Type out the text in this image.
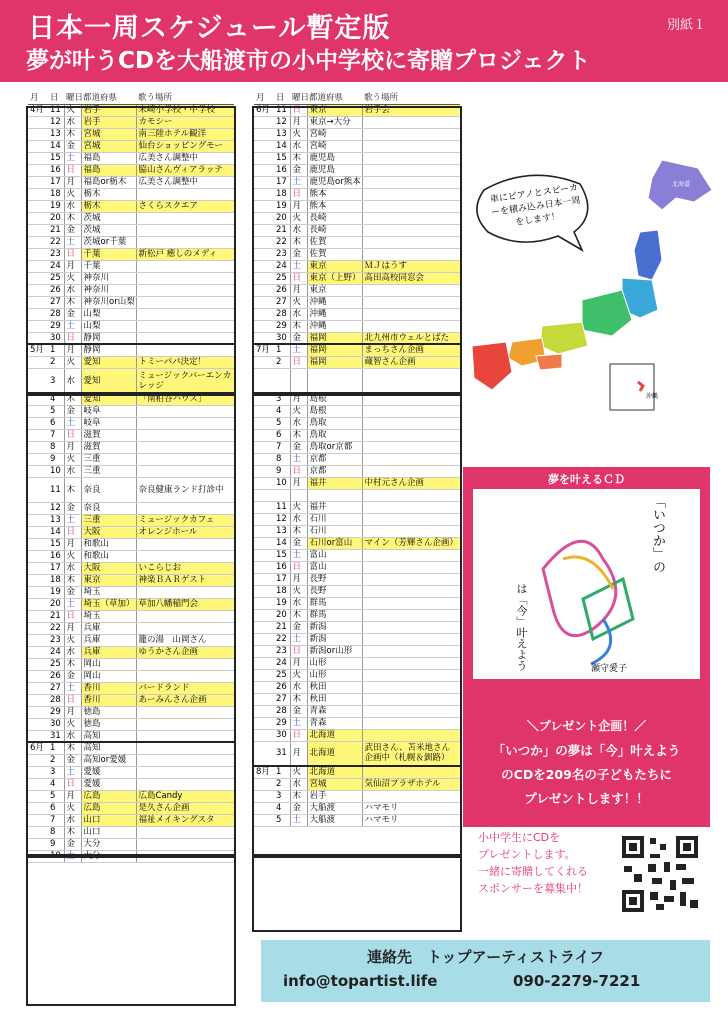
日本一周スケジュール暫定版
夢が叶うCDを大船渡市の小中学校に寄贈プロジェクト
別紙１
月	日	曜日	都道府県	歌う場所
4月	11	火	岩手	末崎小学校・中学校
	12	水	岩手	カモシー
	13	木	宮城	南三陸ホテル観洋
	14	金	宮城	仙台ショッピングモー
	15	土	福島	広美さん調整中
	16	日	福島	脇山さんヴィアラッテ
	17	月	福島or栃木	広美さん調整中
	18	火	栃木	
	19	水	栃木	さくらスクエア
	20	木	茨城	
	21	金	茨城	
	22	土	茨城or千葉	
	23	日	千葉	新松戸 癒しのメディ
	24	月	千葉	
	25	火	神奈川	
	26	水	神奈川	
	27	木	神奈川or山梨	
	28	金	山梨	
	29	土	山梨	
	30	日	静岡	
5月	1	月	静岡	
	2	火	愛知	トミーパパ決定！
	3	水	愛知	ミュージックバーエンカレッジ
	4	木	愛知	「南粕谷ハウス」
	5	金	岐阜	
	6	土	岐阜	
	7	日	滋賀	
	8	月	滋賀	
	9	火	三重	
	10	水	三重	
	11	木	奈良	奈良健康ランド打診中
	12	金	奈良	
	13	土	三重	ミュージックカフェ
	14	日	大阪	オレンジホール
	15	月	和歌山	
	16	火	和歌山	
	17	水	大阪	いこらじお
	18	木	東京	神楽ＢＡＲゲスト
	19	金	埼玉	
	20	土	埼玉（草加）	草加八幡稲門会
	21	日	埼玉	
	22	月	兵庫	
	23	火	兵庫	籠の湯　山岡さん
	24	水	兵庫	ゆうかさん企画
	25	木	岡山	
	26	金	岡山	
	27	土	香川	バードランド
	28	日	香川	あーみんさん企画
	29	月	徳島	
	30	火	徳島	
	31	水	高知	
6月	1	木	高知	
	2	金	高知or愛媛	
	3	土	愛媛	
	4	日	愛媛	
	5	月	広島	広島Candy
	6	火	広島	是久さん企画
	7	水	山口	福祉メイキングスタ
	8	木	山口	
	9	金	大分	
	10	土	大分	
月	日	曜日	都道府県	歌う場所
6月	11	日	東京	岩手会
	12	月	東京→大分	
	13	火	宮崎	
	14	水	宮崎	
	15	木	鹿児島	
	16	金	鹿児島	
	17	土	鹿児島or熊本	
	18	日	熊本	
	19	月	熊本	
	20	火	長崎	
	21	水	長崎	
	22	木	佐賀	
	23	金	佐賀	
	24	土	東京	ＭＪはうす
	25	日	東京（上野）	高田高校同窓会
	26	月	東京	
	27	火	沖縄	
	28	水	沖縄	
	29	木	沖縄	
	30	金	福岡	北九州市ウェルとばた
7月	1	土	福岡	まっちさん企画
	2	日	福岡	蔵智さん企画

	3	月	島根	
	4	火	島根	
	5	水	鳥取	
	6	木	鳥取	
	7	金	鳥取or京都	
	8	土	京都	
	9	日	京都	
	10	月	福井	中村元さん企画

	11	火	福井	
	12	水	石川	
	13	木	石川	
	14	金	石川or富山	マイン（芳輝さん企画）
	15	土	富山	
	16	日	富山	
	17	月	長野	
	18	火	長野	
	19	水	群馬	
	20	木	群馬	
	21	金	新潟	
	22	土	新潟	
	23	日	新潟or山形	
	24	月	山形	
	25	火	山形	
	26	水	秋田	
	27	木	秋田	
	28	金	青森	
	29	土	青森	
	30	日	北海道	
	31	月	北海道	武田さん、苫米地さん企画中（札幌＆釧路）
8月	1	火	北海道	
	2	水	宮城	気仙沼プラザホテル
	3	木	岩手	
	4	金	大船渡	ハマモリ
	5	土	大船渡	ハマモリ
沖縄
北海道
車にピアノとスピーカーを積み込み日本一周をします！
夢を叶えるＣＤ
「いつか」の
は「今」叶えよう	瀬守愛子
＼プレゼント企画！／
「いつか」の夢は「今」叶えよう
のCDを209名の子どもたちに
プレゼントします！！
日本一周の初日で歌う母校の
小中学生にCDを
プレゼントします。
一緒に寄贈してくれる
スポンサーを募集中！
連絡先　トップアーティストライフ
info@topartist.life	090-2279-7221
